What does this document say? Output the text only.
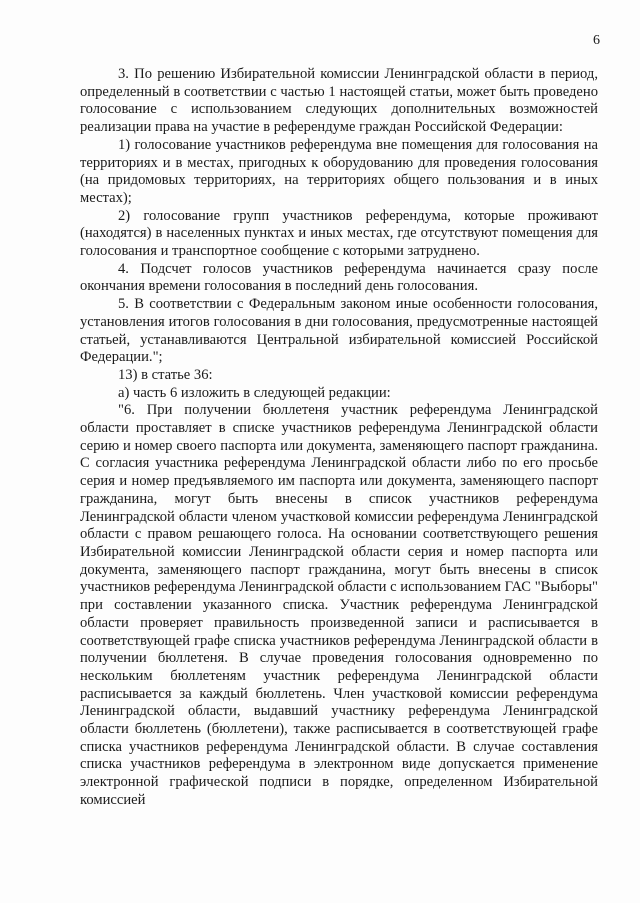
6

3. По решению Избирательной комиссии Ленинградской области в период, определенный в соответствии с частью 1 настоящей статьи, может быть проведено голосование с использованием следующих дополнительных возможностей реализации права на участие в референдуме граждан Российской Федерации:

1) голосование участников референдума вне помещения для голосования на территориях и в местах, пригодных к оборудованию для проведения голосования (на придомовых территориях, на территориях общего пользования и в иных местах);

2) голосование групп участников референдума, которые проживают (находятся) в населенных пунктах и иных местах, где отсутствуют помещения для голосования и транспортное сообщение с которыми затруднено.

4. Подсчет голосов участников референдума начинается сразу после окончания времени голосования в последний день голосования.

5. В соответствии с Федеральным законом иные особенности голосования, установления итогов голосования в дни голосования, предусмотренные настоящей статьей, устанавливаются Центральной избирательной комиссией Российской Федерации.";

13) в статье 36:

а) часть 6 изложить в следующей редакции:

"6. При получении бюллетеня участник референдума Ленинградской области проставляет в списке участников референдума Ленинградской области серию и номер своего паспорта или документа, заменяющего паспорт гражданина. С согласия участника референдума Ленинградской области либо по его просьбе серия и номер предъявляемого им паспорта или документа, заменяющего паспорт гражданина, могут быть внесены в список участников референдума Ленинградской области членом участковой комиссии референдума Ленинградской области с правом решающего голоса. На основании соответствующего решения Избирательной комиссии Ленинградской области серия и номер паспорта или документа, заменяющего паспорт гражданина, могут быть внесены в список участников референдума Ленинградской области с использованием ГАС "Выборы" при составлении указанного списка. Участник референдума Ленинградской области проверяет правильность произведенной записи и расписывается в соответствующей графе списка участников референдума Ленинградской области в получении бюллетеня. В случае проведения голосования одновременно по нескольким бюллетеням участник референдума Ленинградской области расписывается за каждый бюллетень. Член участковой комиссии референдума Ленинградской области, выдавший участнику референдума Ленинградской области бюллетень (бюллетени), также расписывается в соответствующей графе списка участников референдума Ленинградской области. В случае составления списка участников референдума в электронном виде допускается применение электронной графической подписи в порядке, определенном Избирательной комиссией
